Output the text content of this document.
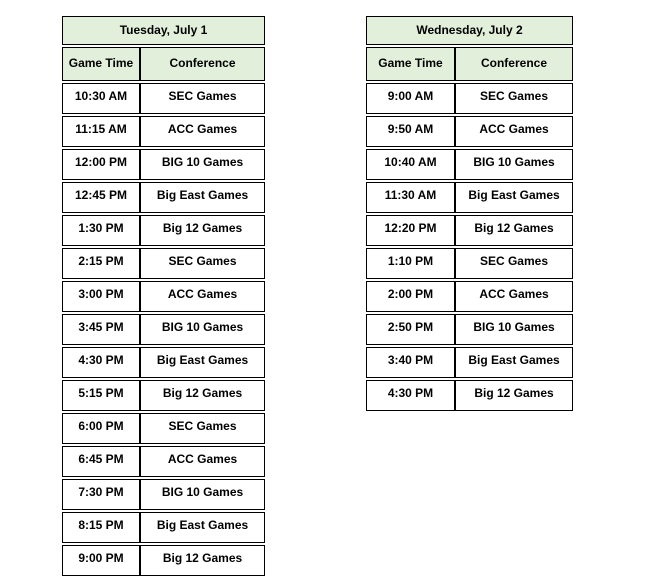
Tuesday, July 1	
Game Time	Conference
10:30 AM	SEC Games
11:15 AM	ACC Games
12:00 PM	BIG 10 Games
12:45 PM	Big East Games
1:30 PM	Big 12 Games
2:15 PM	SEC Games
3:00 PM	ACC Games
3:45 PM	BIG 10 Games
4:30 PM	Big East Games
5:15 PM	Big 12 Games
6:00 PM	SEC Games
6:45 PM	ACC Games
7:30 PM	BIG 10 Games
8:15 PM	Big East Games
9:00 PM	Big 12 Games
Wednesday, July 2	
Game Time	Conference
9:00 AM	SEC Games
9:50 AM	ACC Games
10:40 AM	BIG 10 Games
11:30 AM	Big East Games
12:20 PM	Big 12 Games
1:10 PM	SEC Games
2:00 PM	ACC Games
2:50 PM	BIG 10 Games
3:40 PM	Big East Games
4:30 PM	Big 12 Games
